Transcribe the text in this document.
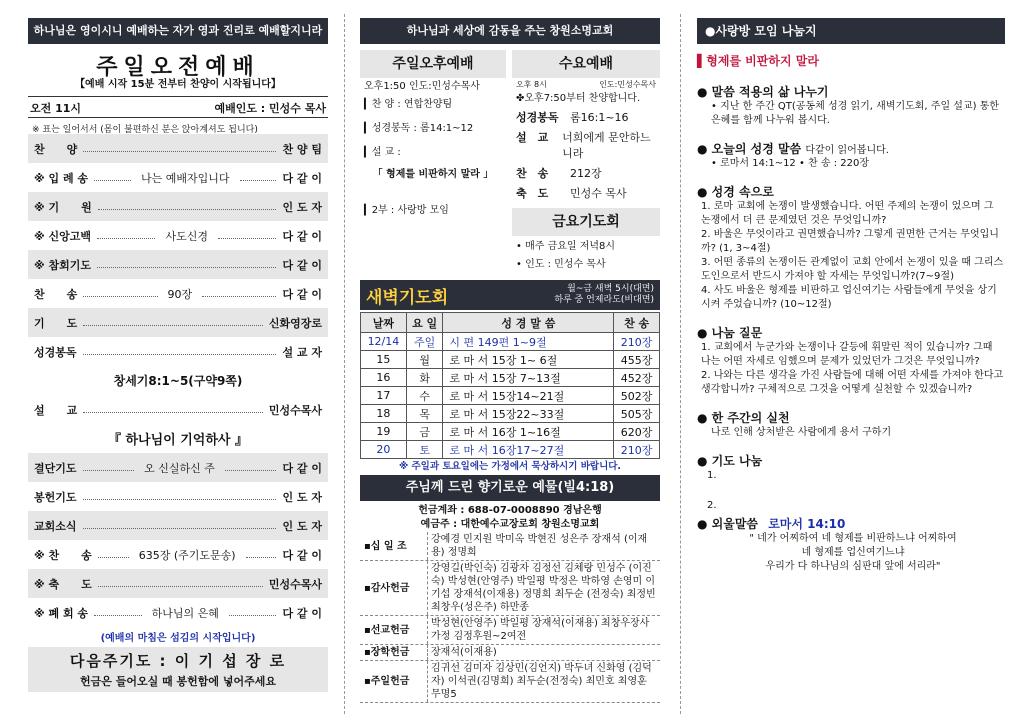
하나님은 영이시니 예배하는 자가 영과 진리로 예배할지니라
주일오전예배
【예배 시작 15분 전부터 찬양이 시작됩니다】
오전 11시	예배인도 : 민성수 목사
※ 표는 일어서서 (몸이 불편하신 분은 앉아계셔도 됩니다)
찬　　양	찬 양 팀
※ 입 례 송	나는 예배자입니다	다 같 이
※ 기　　원	인 도 자
※ 신앙고백	사도신경	다 같 이
※ 참회기도	다 같 이
찬　　송	90장	다 같 이
기　　도	신화영장로
성경봉독	설 교 자
창세기8:1~5(구약9쪽)
설　　교	민성수목사
『 하나님이 기억하사 』
결단기도	오 신실하신 주	다 같 이
봉헌기도	인 도 자
교회소식	인 도 자
※ 찬　　송	635장 (주기도문송)	다 같 이
※ 축　　도	민성수목사
※ 폐 회 송	하나님의 은혜	다 같 이
(예배의 마침은 섬김의 시작입니다)
다음주기도 : 이 기 섭 장 로
헌금은 들어오실 때 봉헌함에 넣어주세요
하나님과 세상에 감동을 주는 창원소명교회
주일오후예배
오후1:50 인도:민성수목사
▎찬 양 : 연합찬양팀
▎성경봉독 : 롬14:1~12
▎설 교 :
「 형제를 비판하지 말라 」
▎2부 : 사랑방 모임
수요예배
오후 8시	인도:민성수목사
✤오후7:50부터 찬양합니다.
성경봉독	롬16:1~16
설　교	너희에게 문안하느니라
찬　송	212장
축　도	민성수 목사
금요기도회
• 매주 금요일 저녁8시
• 인도 : 민성수 목사
새벽기도회	월~금 새벽 5시(대면)
하루 중 언제라도(비대면)
날짜	요 일	성 경 말 씀	찬 송
12/14	주일	시 편 149편 1~9절	210장
15	월	로 마 서 15장 1~ 6절	455장
16	화	로 마 서 15장 7~13절	452장
17	수	로 마 서 15장14~21절	502장
18	목	로 마 서 15장22~33절	505장
19	금	로 마 서 16장 1~16절	620장
20	토	로 마 서 16장17~27절	210장
※ 주일과 토요일에는 가정에서 묵상하시기 바랍니다.
주님께 드린 향기로운 예물(빌4:18)
헌금계좌 : 688-07-0008890 경남은행
예금주 : 대한예수교장로회 창원소명교회
▪십 일 조
강예경 민지원 박미옥 박현진 성은주 장재석 (이재용) 정명희
▪감사헌금
강영길(박인숙) 김광자 김정선 김체랑 민성수 (이진숙) 박성현(안영주) 박일평 박정은 박하영 손영미 이기섭 장재석(이재용) 정명희 최두순 (전정숙) 최정빈 최창우(성은주) 하만종
▪선교헌금
박성현(안영주) 박일평 장재석(이재용) 최창우장사가정 김정후원~2여전
▪장학헌금	장재석(이재용)
▪주일헌금
김귀선 김미자 김상민(김언지) 박두녀 신화영 (김덕자) 이석권(김명희) 최두순(전정숙) 최민호 최영훈 무명5
●사랑방 모임 나눔지
▌형제를 비판하지 말라
● 말씀 적용의 삶 나누기
• 지난 한 주간 QT(공동체 성경 읽기, 새벽기도회, 주일 설교) 통한 은혜를 함께 나누워 봅시다.
● 오늘의 성경 말씀 다같이 읽어봅니다.
• 로마서 14:1~12 • 찬 송 : 220장
● 성경 속으로
1. 로마 교회에 논쟁이 발생했습니다. 어떤 주제의 논쟁이 었으며 그 논쟁에서 더 큰 문제였던 것은 무엇입니까?
2. 바울은 무엇이라고 권면했습니까? 그렇게 권면한 근거는 무엇입니까? (1, 3~4절)
3. 어떤 종류의 논쟁이든 관계없이 교회 안에서 논쟁이 있을 때 그리스도인으로서 반드시 가져야 할 자세는 무엇입니까?(7~9절)
4. 사도 바울은 형제를 비판하고 업신여기는 사람들에게 무엇을 상기시켜 주었습니까? (10~12절)
● 나눔 질문
1. 교회에서 누군가와 논쟁이나 갈등에 휘말린 적이 있습니까? 그때 나는 어떤 자세로 임했으며 문제가 있었던가 그것은 무엇입니까?
2. 나와는 다른 생각을 가진 사람들에 대해 어떤 자세를 가져야 한다고 생각합니까? 구체적으로 그것을 어떻게 실천할 수 있겠습니까?
● 한 주간의 실천
나로 인해 상처받은 사람에게 용서 구하기
● 기도 나눔
1.
2.
● 외울말씀 로마서 14:10
" 네가 어찌하여 네 형제를 비판하느냐 어찌하여
네 형제를 업신여기느냐
우리가 다 하나님의 심판대 앞에 서리라"
